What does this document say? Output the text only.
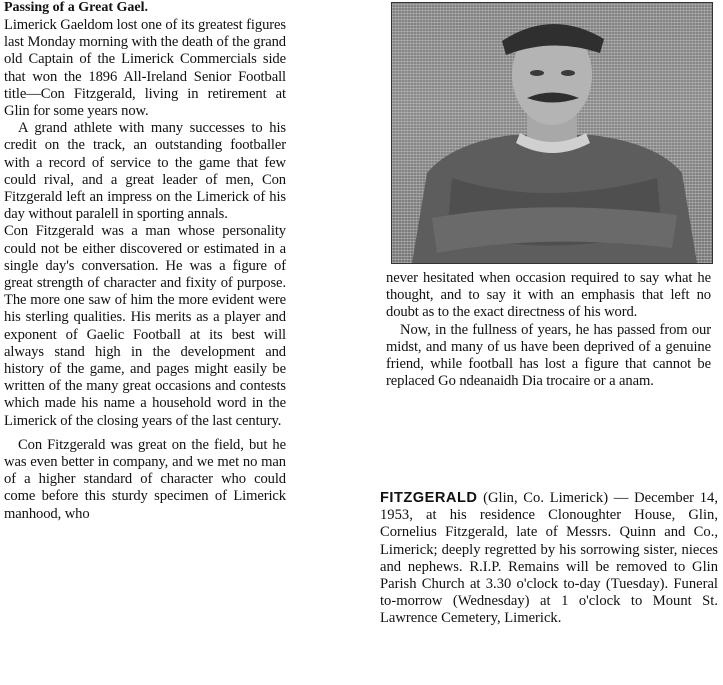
Passing of a Great Gael.

Limerick Gaeldom lost one of its greatest figures last Monday morning with the death of the grand old Captain of the Limerick Commercials side that won the 1896 All-Ireland Senior Football title—Con Fitzgerald, living in retirement at Glin for some years now.

A grand athlete with many successes to his credit on the track, an outstanding footballer with a record of service to the game that few could rival, and a great leader of men, Con Fitzgerald left an impress on the Limerick of his day without paralell in sporting annals.

Con Fitzgerald was a man whose personality could not be either discovered or estimated in a single day's conversation. He was a figure of great strength of character and fixity of purpose. The more one saw of him the more evident were his sterling qualities. His merits as a player and exponent of Gaelic Football at its best will always stand high in the development and history of the game, and pages might easily be written of the many great occasions and contests which made his name a household word in the Limerick of the closing years of the last century.

Con Fitzgerald was great on the field, but he was even better in company, and we met no man of a higher standard of character who could come before this sturdy specimen of Limerick manhood, who

never hesitated when occasion required to say what he thought, and to say it with an emphasis that left no doubt as to the exact directness of his word.

Now, in the fullness of years, he has passed from our midst, and many of us have been deprived of a genuine friend, while football has lost a figure that cannot be replaced Go ndeanaidh Dia trocaire or a anam.

FITZGERALD (Glin, Co. Limerick) — December 14, 1953, at his residence Clonoughter House, Glin, Cornelius Fitzgerald, late of Messrs. Quinn and Co., Limerick; deeply regretted by his sorrowing sister, nieces and nephews. R.I.P. Remains will be removed to Glin Parish Church at 3.30 o'clock to-day (Tuesday). Funeral to-morrow (Wednesday) at 1 o'clock to Mount St. Lawrence Cemetery, Limerick.
